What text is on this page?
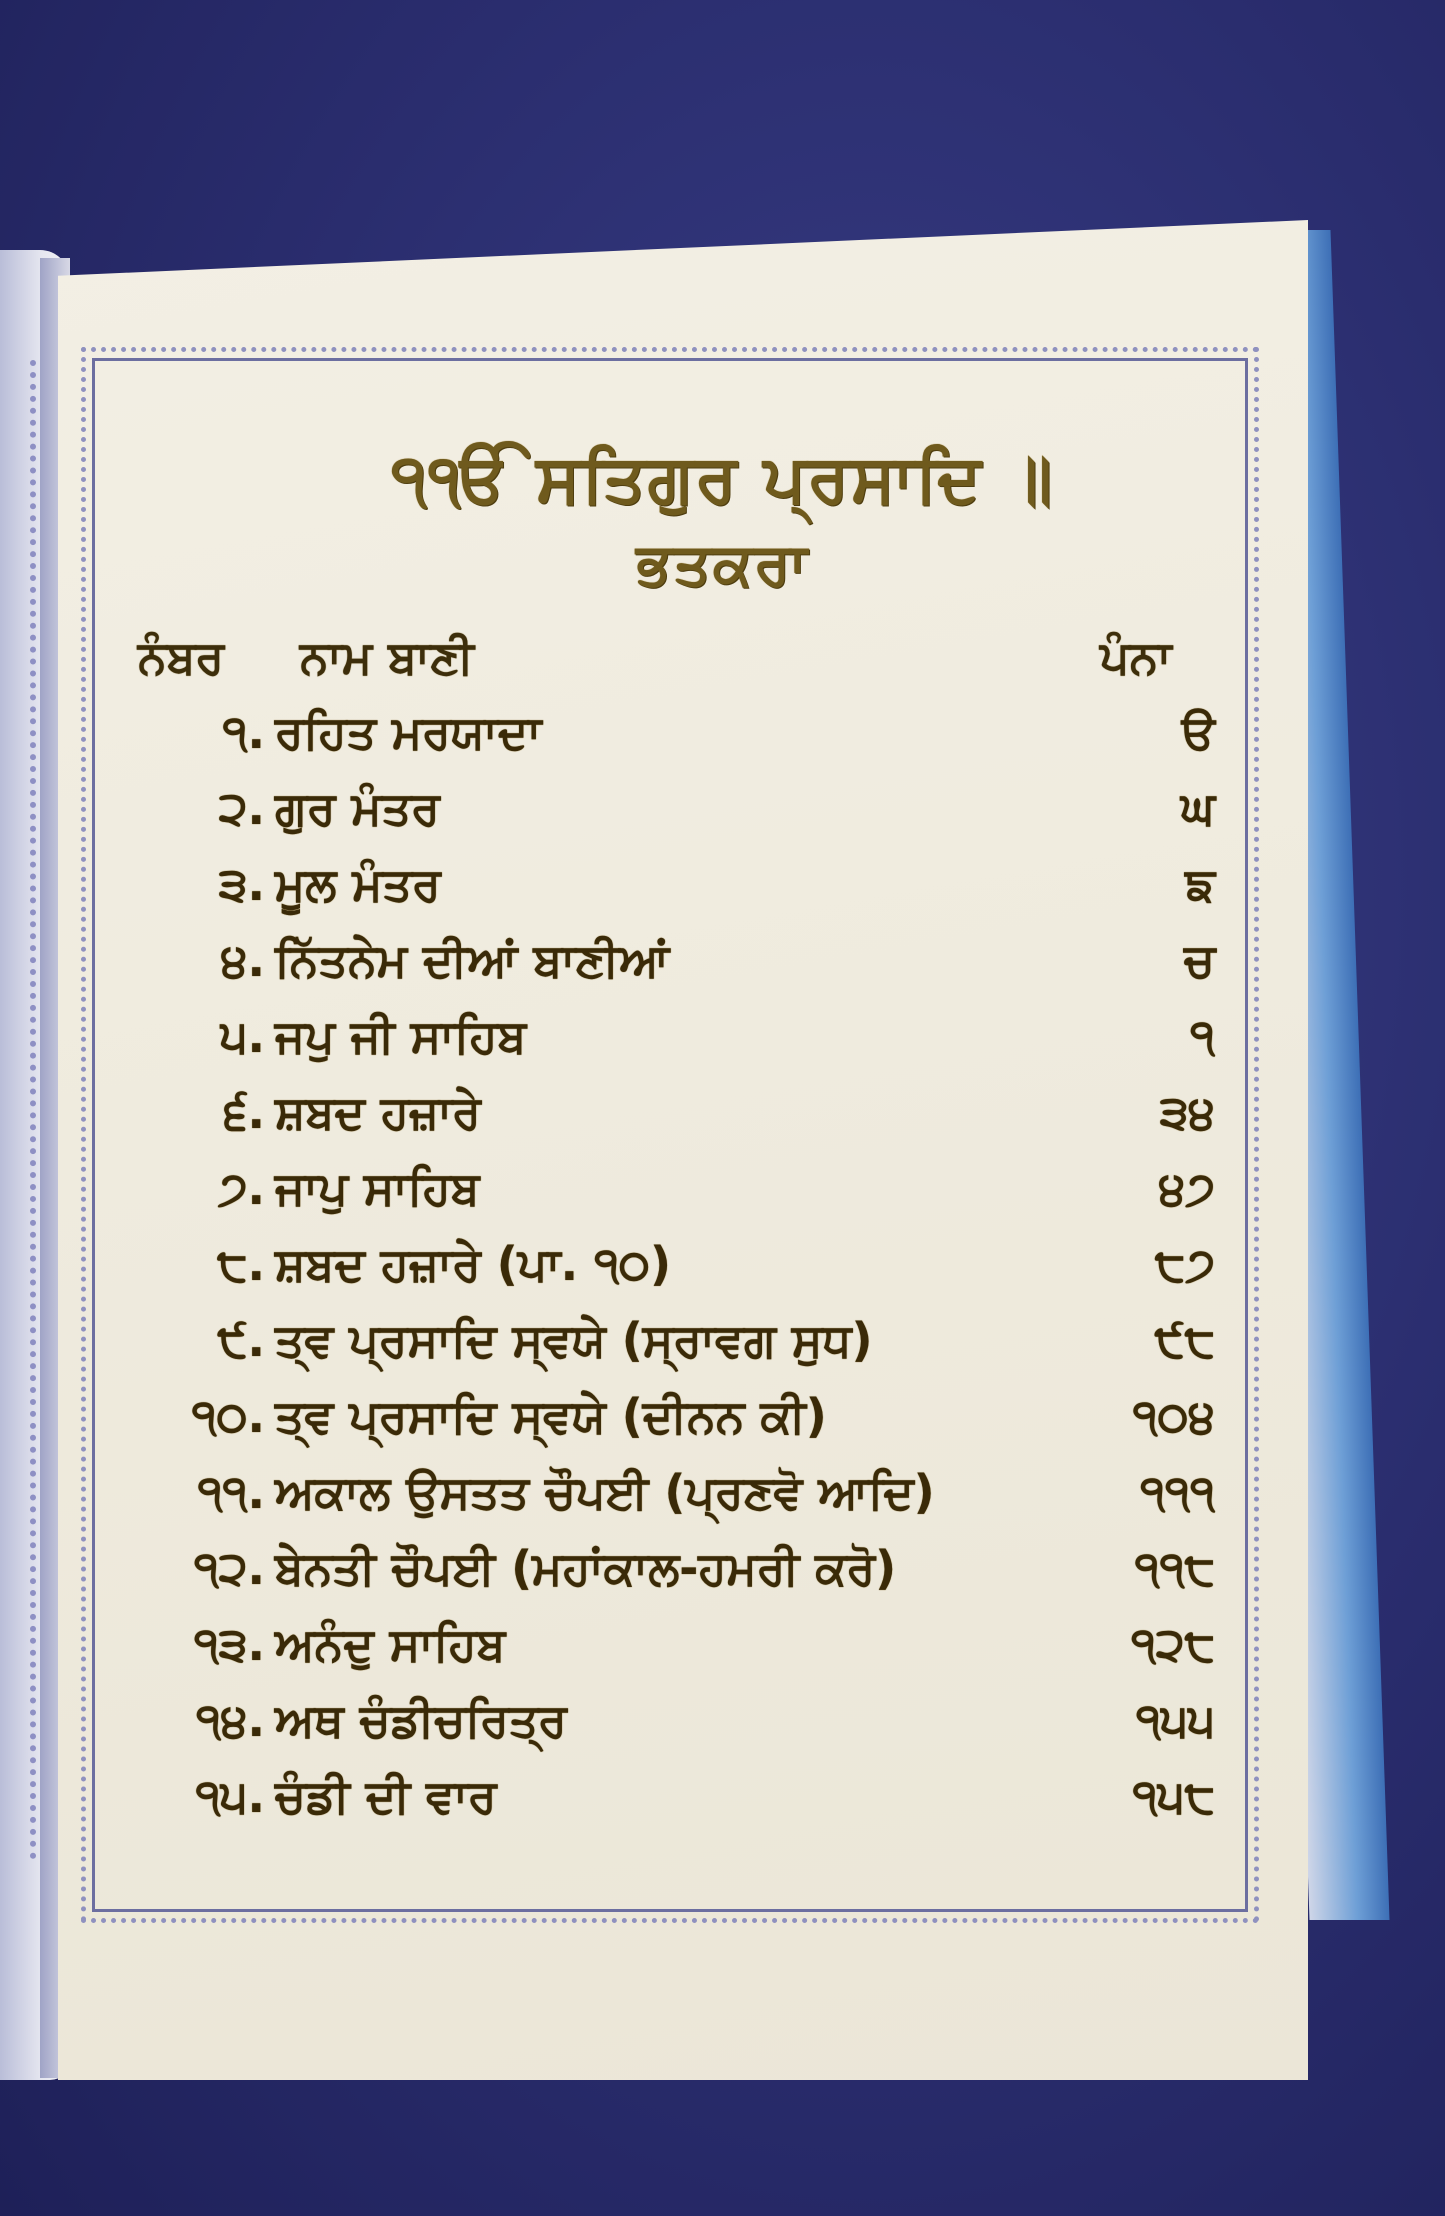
੧ੴ ਸਤਿਗੁਰ ਪ੍ਰਸਾਦਿ ॥
ਭਤਕਰਾ
ਨੰਬਰ ਨਾਮ ਬਾਣੀ	ਪੰਨਾ
੧. ਰਹਿਤ ਮਰਯਾਦਾ	ੳ
੨. ਗੁਰ ਮੰਤਰ	ਘ
੩. ਮੂਲ ਮੰਤਰ	ਙ
੪. ਨਿੱਤਨੇਮ ਦੀਆਂ ਬਾਣੀਆਂ	ਚ
੫. ਜਪੁ ਜੀ ਸਾਹਿਬ	੧
੬. ਸ਼ਬਦ ਹਜ਼ਾਰੇ	੩੪
੭. ਜਾਪੁ ਸਾਹਿਬ	੪੭
੮. ਸ਼ਬਦ ਹਜ਼ਾਰੇ (ਪਾ. ੧੦)	੮੭
੯. ਤ੍ਵ ਪ੍ਰਸਾਦਿ ਸ੍ਵਯੇ (ਸ੍ਰਾਵਗ ਸੁਧ)	੯੮
੧੦. ਤ੍ਵ ਪ੍ਰਸਾਦਿ ਸ੍ਵਯੇ (ਦੀਨਨ ਕੀ)	੧੦੪
੧੧. ਅਕਾਲ ਉਸਤਤ ਚੌਪਈ (ਪ੍ਰਣਵੋ ਆਦਿ)	੧੧੧
੧੨. ਬੇਨਤੀ ਚੌਪਈ (ਮਹਾਂਕਾਲ-ਹਮਰੀ ਕਰੋ)	੧੧੮
੧੩. ਅਨੰਦੁ ਸਾਹਿਬ	੧੨੮
੧੪. ਅਥ ਚੰਡੀਚਰਿਤ੍ਰ	੧੫੫
੧੫. ਚੰਡੀ ਦੀ ਵਾਰ	੧੫੮
